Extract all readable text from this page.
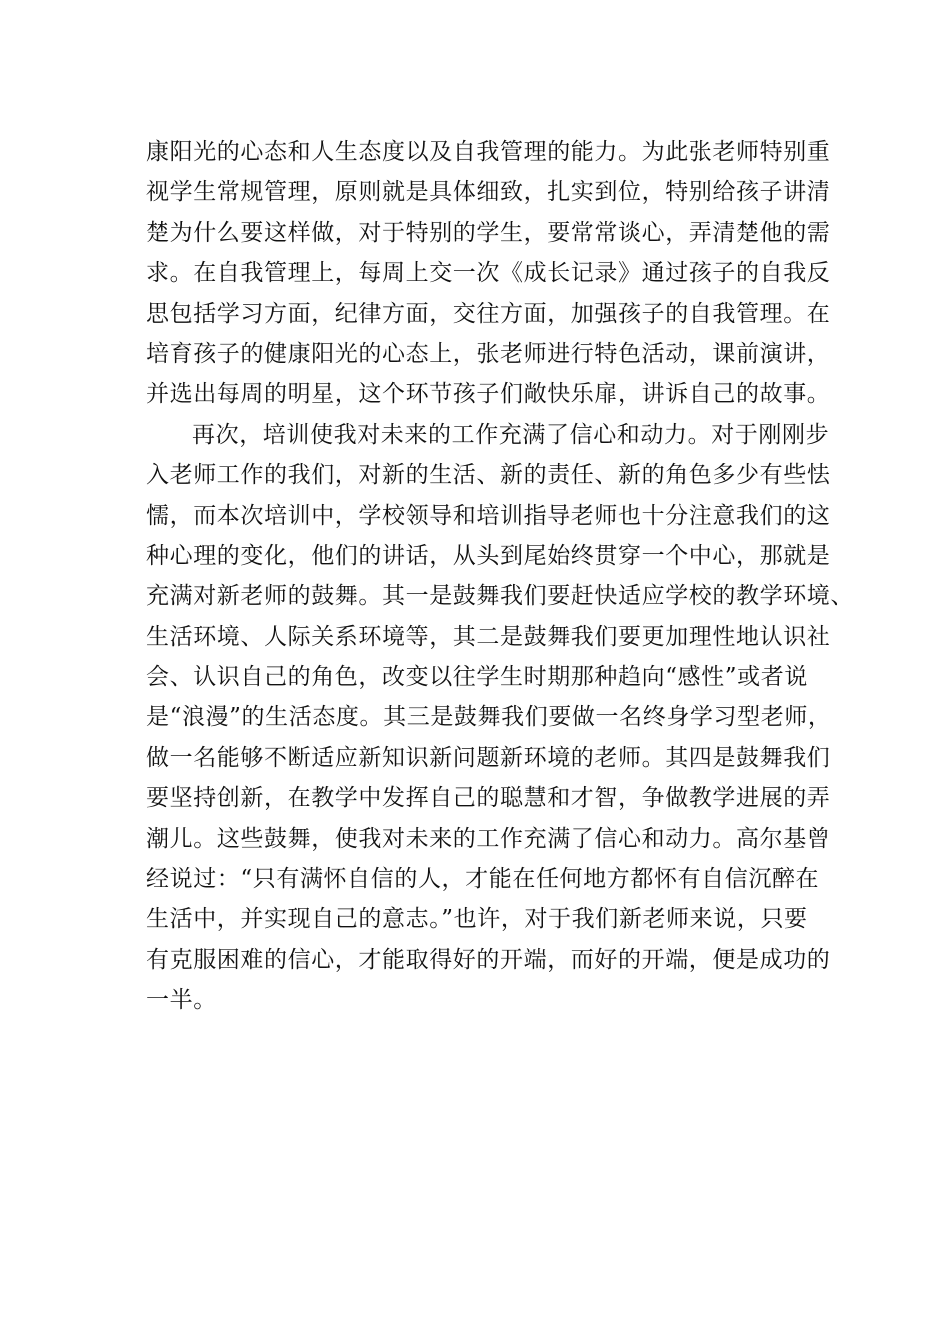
康阳光的心态和人生态度以及自我管理的能力。为此张老师特别重
视学生常规管理，原则就是具体细致，扎实到位，特别给孩子讲清
楚为什么要这样做，对于特别的学生，要常常谈心，弄清楚他的需
求。在自我管理上，每周上交一次《成长记录》通过孩子的自我反
思包括学习方面，纪律方面，交往方面，加强孩子的自我管理。在
培育孩子的健康阳光的心态上，张老师进行特色活动，课前演讲，
并选出每周的明星，这个环节孩子们敞快乐扉，讲诉自己的故事。
再次，培训使我对未来的工作充满了信心和动力。对于刚刚步
入老师工作的我们，对新的生活、新的责任、新的角色多少有些怯
懦，而本次培训中，学校领导和培训指导老师也十分注意我们的这
种心理的变化，他们的讲话，从头到尾始终贯穿一个中心，那就是
充满对新老师的鼓舞。其一是鼓舞我们要赶快适应学校的教学环境、
生活环境、人际关系环境等，其二是鼓舞我们要更加理性地认识社
会、认识自己的角色，改变以往学生时期那种趋向“感性”或者说
是“浪漫”的生活态度。其三是鼓舞我们要做一名终身学习型老师，
做一名能够不断适应新知识新问题新环境的老师。其四是鼓舞我们
要坚持创新，在教学中发挥自己的聪慧和才智，争做教学进展的弄
潮儿。这些鼓舞，使我对未来的工作充满了信心和动力。高尔基曾
经说过：“只有满怀自信的人，才能在任何地方都怀有自信沉醉在
生活中，并实现自己的意志。”也许，对于我们新老师来说，只要
有克服困难的信心，才能取得好的开端，而好的开端，便是成功的
一半。
